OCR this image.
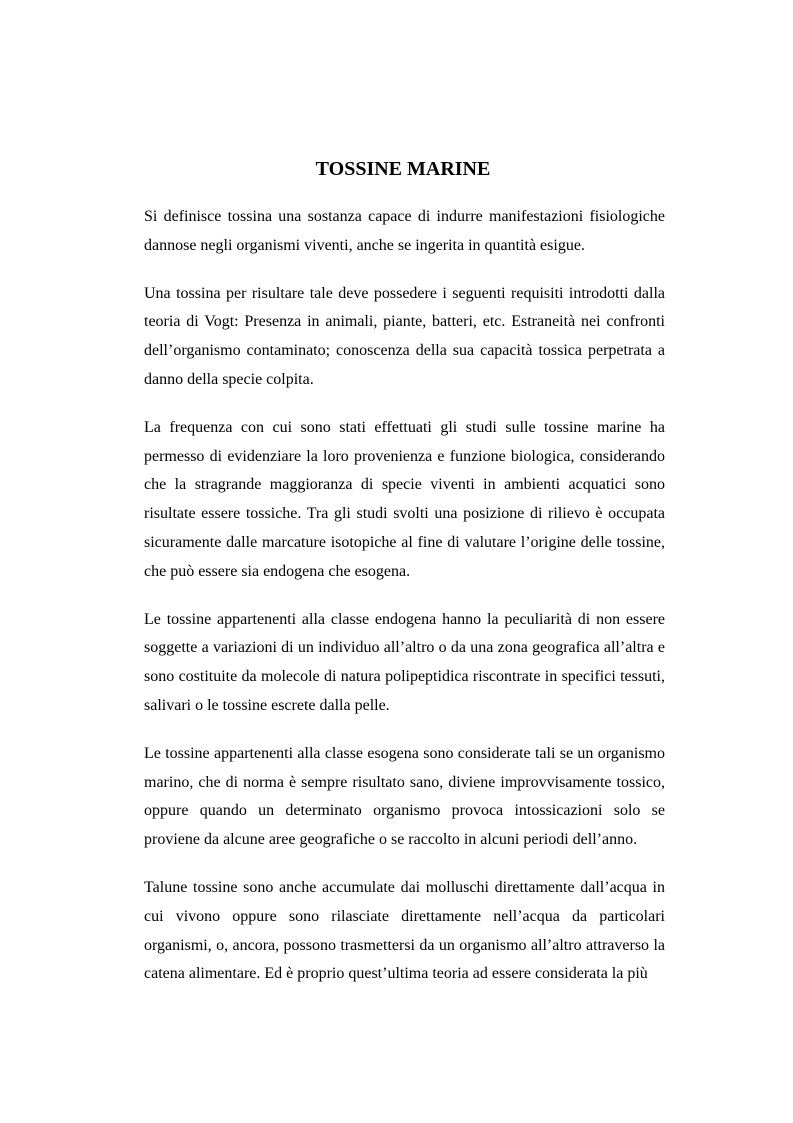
TOSSINE MARINE

Si definisce tossina una sostanza capace di indurre manifestazioni fisiologiche dannose negli organismi viventi, anche se ingerita in quantità esigue.

Una tossina per risultare tale deve possedere i seguenti requisiti introdotti dalla teoria di Vogt: Presenza in animali, piante, batteri, etc. Estraneità nei confronti dell’organismo contaminato; conoscenza della sua capacità tossica perpetrata a danno della specie colpita.

La frequenza con cui sono stati effettuati gli studi sulle tossine marine ha permesso di evidenziare la loro provenienza e funzione biologica, considerando che la stragrande maggioranza di specie viventi in ambienti acquatici sono risultate essere tossiche. Tra gli studi svolti una posizione di rilievo è occupata sicuramente dalle marcature isotopiche al fine di valutare l’origine delle tossine, che può essere sia endogena che esogena.

Le tossine appartenenti alla classe endogena hanno la peculiarità di non essere soggette a variazioni di un individuo all’altro o da una zona geografica all’altra e sono costituite da molecole di natura polipeptidica riscontrate in specifici tessuti, salivari o le tossine escrete dalla pelle.

Le tossine appartenenti alla classe esogena sono considerate tali se un organismo marino, che di norma è sempre risultato sano, diviene improvvisamente tossico, oppure quando un determinato organismo provoca intossicazioni solo se proviene da alcune aree geografiche o se raccolto in alcuni periodi dell’anno.

Talune tossine sono anche accumulate dai molluschi direttamente dall’acqua in cui vivono oppure sono rilasciate direttamente nell’acqua da particolari organismi, o, ancora, possono trasmettersi da un organismo all’altro attraverso la catena alimentare. Ed è proprio quest’ultima teoria ad essere considerata la più
